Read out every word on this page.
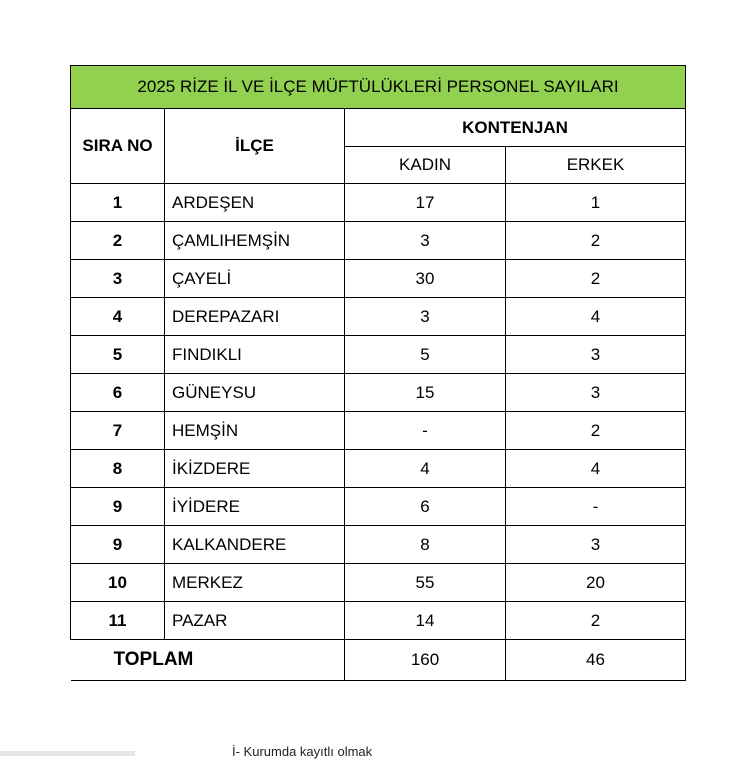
2025 RİZE İL VE İLÇE MÜFTÜLÜKLERİ PERSONEL SAYILARI			
SIRA NO	İLÇE	KONTENJAN	
		KADIN	ERKEK
1	ARDEŞEN	17	1
2	ÇAMLIHEMŞİN	3	2
3	ÇAYELİ	30	2
4	DEREPAZARI	3	4
5	FINDIKLI	5	3
6	GÜNEYSU	15	3
7	HEMŞİN	-	2
8	İKİZDERE	4	4
9	İYİDERE	6	-
9	KALKANDERE	8	3
10	MERKEZ	55	20
11	PAZAR	14	2
TOPLAM		160	46
İ- Kurumda kayıtlı olmak
